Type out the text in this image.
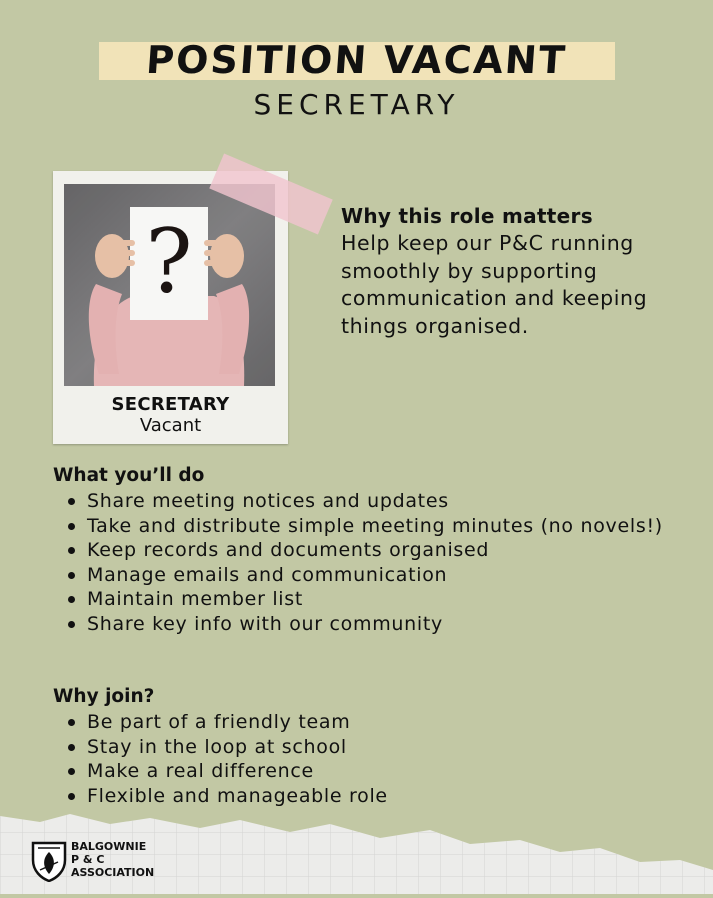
POSITION VACANT
SECRETARY
?
SECRETARY
Vacant
Why this role matters

Help keep our P&C running smoothly by supporting communication and keeping things organised.

What you’ll do
Share meeting notices and updates
Take and distribute simple meeting minutes (no novels!)
Keep records and documents organised
Manage emails and communication
Maintain member list
Share key info with our community
Why join?
Be part of a friendly team
Stay in the loop at school
Make a real difference
Flexible and manageable role
BALGOWNIE
P & C
ASSOCIATION
